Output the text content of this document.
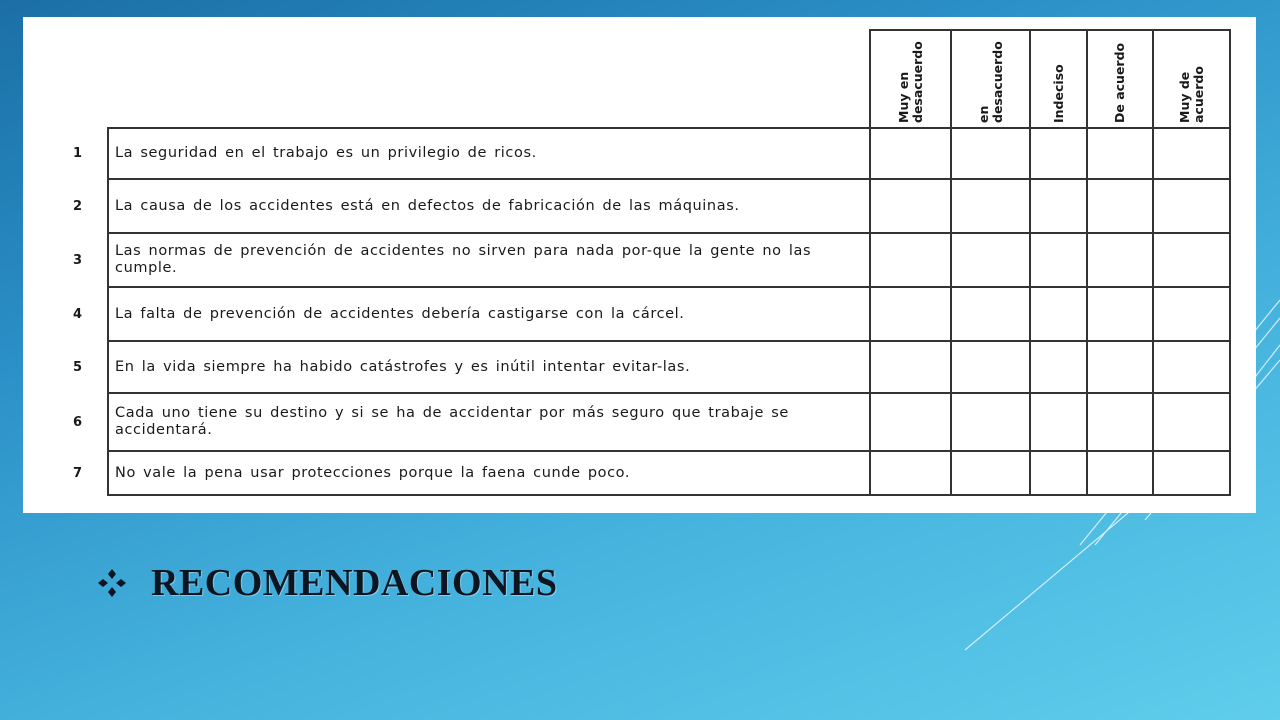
		Muy en desacuerdo	en desacuerdo	Indeciso	De acuerdo	Muy de acuerdo

1	La seguridad en el trabajo es un privilegio de ricos.					
2	La causa de los accidentes está en defectos de fabricación de las máquinas.					
3	Las normas de prevención de accidentes no sirven para nada por-que la gente no las cumple.					
4	La falta de prevención de accidentes debería castigarse con la cárcel.					
5	En la vida siempre ha habido catástrofes y es inútil intentar evitar-las.					
6	Cada uno tiene su destino y si se ha de accidentar por más seguro que trabaje se accidentará.					
7	No vale la pena usar protecciones porque la faena cunde poco.					
RECOMENDACIONES
